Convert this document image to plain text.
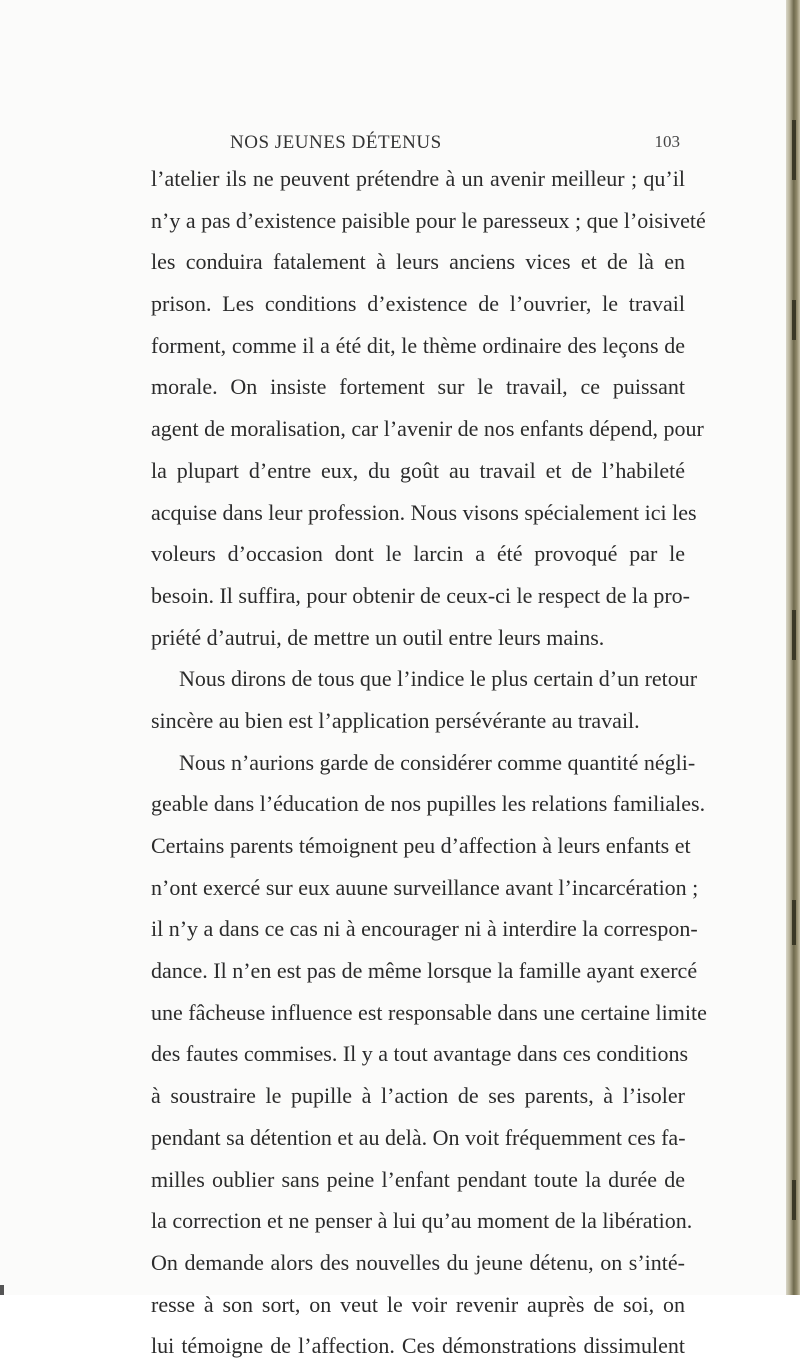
NOS JEUNES DÉTENUS	103
l’atelier ils ne peuvent prétendre à un avenir meilleur ; qu’il
n’y a pas d’existence paisible pour le paresseux ; que l’oisiveté
les conduira fatalement à leurs anciens vices et de là en
prison. Les conditions d’existence de l’ouvrier, le travail
forment, comme il a été dit, le thème ordinaire des leçons de
morale. On insiste fortement sur le travail, ce puissant
agent de moralisation, car l’avenir de nos enfants dépend, pour
la plupart d’entre eux, du goût au travail et de l’habileté
acquise dans leur profession. Nous visons spécialement ici les
voleurs d’occasion dont le larcin a été provoqué par le
besoin. Il suffira, pour obtenir de ceux-ci le respect de la pro-
priété d’autrui, de mettre un outil entre leurs mains.
Nous dirons de tous que l’indice le plus certain d’un retour
sincère au bien est l’application persévérante au travail.
Nous n’aurions garde de considérer comme quantité négli-
geable dans l’éducation de nos pupilles les relations familiales.
Certains parents témoignent peu d’affection à leurs enfants et
n’ont exercé sur eux auune surveillance avant l’incarcération ;
il n’y a dans ce cas ni à encourager ni à interdire la correspon-
dance. Il n’en est pas de même lorsque la famille ayant exercé
une fâcheuse influence est responsable dans une certaine limite
des fautes commises. Il y a tout avantage dans ces conditions
à soustraire le pupille à l’action de ses parents, à l’isoler
pendant sa détention et au delà. On voit fréquemment ces fa-
milles oublier sans peine l’enfant pendant toute la durée de
la correction et ne penser à lui qu’au moment de la libération.
On demande alors des nouvelles du jeune détenu, on s’inté-
resse à son sort, on veut le voir revenir auprès de soi, on
lui témoigne de l’affection. Ces démonstrations dissimulent
